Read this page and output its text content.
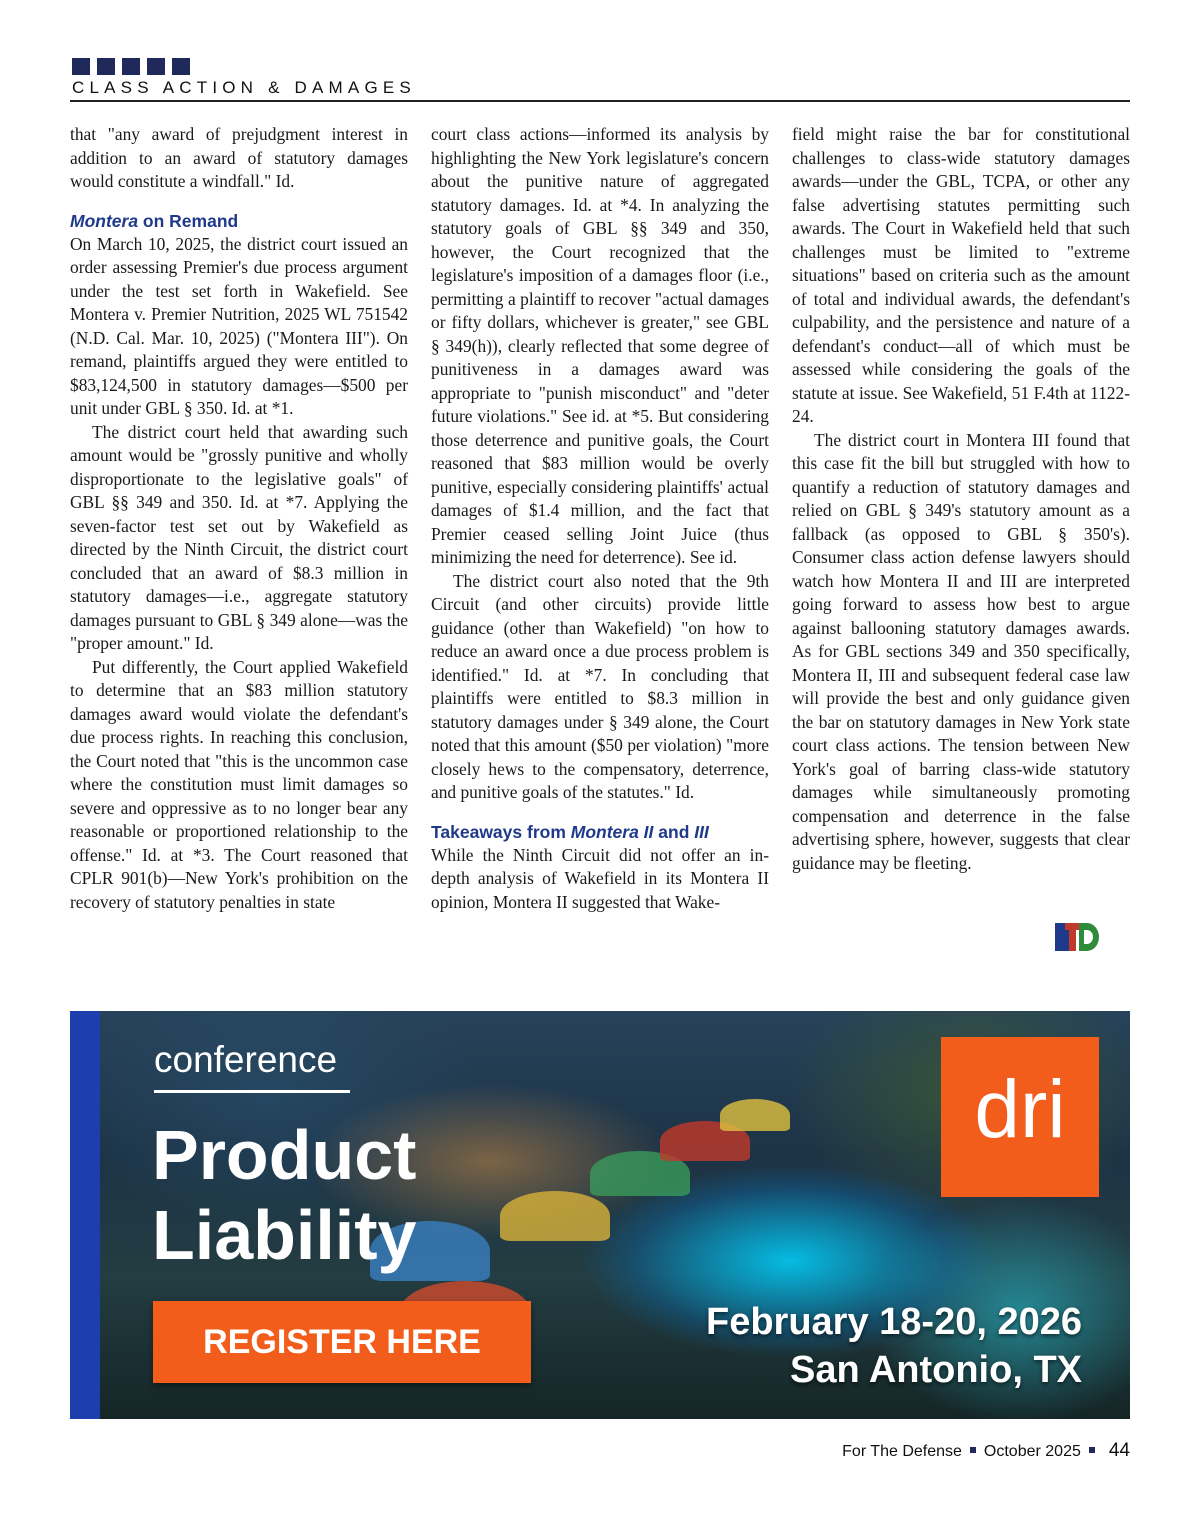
CLASS ACTION & DAMAGES

that "any award of prejudgment interest in addition to an award of statutory damages would constitute a windfall." Id.

Montera on Remand

On March 10, 2025, the district court issued an order assessing Premier's due process argument under the test set forth in Wakefield. See Montera v. Premier Nutrition, 2025 WL 751542 (N.D. Cal. Mar. 10, 2025) ("Montera III"). On remand, plaintiffs argued they were entitled to $83,124,500 in statutory damages—$500 per unit under GBL § 350. Id. at *1.

The district court held that awarding such amount would be "grossly punitive and wholly disproportionate to the legislative goals" of GBL §§ 349 and 350. Id. at *7. Applying the seven-factor test set out by Wakefield as directed by the Ninth Circuit, the district court concluded that an award of $8.3 million in statutory damages—i.e., aggregate statutory damages pursuant to GBL § 349 alone—was the "proper amount." Id.

Put differently, the Court applied Wakefield to determine that an $83 million statutory damages award would violate the defendant's due process rights. In reaching this conclusion, the Court noted that "this is the uncommon case where the constitution must limit damages so severe and oppressive as to no longer bear any reasonable or proportioned relationship to the offense." Id. at *3. The Court reasoned that CPLR 901(b)—New York's prohibition on the recovery of statutory penalties in state

court class actions—informed its analysis by highlighting the New York legislature's concern about the punitive nature of aggregated statutory damages. Id. at *4. In analyzing the statutory goals of GBL §§ 349 and 350, however, the Court recognized that the legislature's imposition of a damages floor (i.e., permitting a plaintiff to recover "actual damages or fifty dollars, whichever is greater," see GBL § 349(h)), clearly reflected that some degree of punitiveness in a damages award was appropriate to "punish misconduct" and "deter future violations." See id. at *5. But considering those deterrence and punitive goals, the Court reasoned that $83 million would be overly punitive, especially considering plaintiffs' actual damages of $1.4 million, and the fact that Premier ceased selling Joint Juice (thus minimizing the need for deterrence). See id.

The district court also noted that the 9th Circuit (and other circuits) provide little guidance (other than Wakefield) "on how to reduce an award once a due process problem is identified." Id. at *7. In concluding that plaintiffs were entitled to $8.3 million in statutory damages under § 349 alone, the Court noted that this amount ($50 per violation) "more closely hews to the compensatory, deterrence, and punitive goals of the statutes." Id.

Takeaways from Montera II and III

While the Ninth Circuit did not offer an in-depth analysis of Wakefield in its Montera II opinion, Montera II suggested that Wake-

field might raise the bar for constitutional challenges to class-wide statutory damages awards—under the GBL, TCPA, or other any false advertising statutes permitting such awards. The Court in Wakefield held that such challenges must be limited to "extreme situations" based on criteria such as the amount of total and individual awards, the defendant's culpability, and the persistence and nature of a defendant's conduct—all of which must be assessed while considering the goals of the statute at issue. See Wakefield, 51 F.4th at 1122-24.

The district court in Montera III found that this case fit the bill but struggled with how to quantify a reduction of statutory damages and relied on GBL § 349's statutory amount as a fallback (as opposed to GBL § 350's). Consumer class action defense lawyers should watch how Montera II and III are interpreted going forward to assess how best to argue against ballooning statutory damages awards. As for GBL sections 349 and 350 specifically, Montera II, III and subsequent federal case law will provide the best and only guidance given the bar on statutory damages in New York state court class actions. The tension between New York's goal of barring class-wide statutory damages while simultaneously promoting compensation and deterrence in the false advertising sphere, however, suggests that clear guidance may be fleeting.

conference
Product Liability
REGISTER HERE
dri
February 18-20, 2026
San Antonio, TX
For The Defense October 2025 44
